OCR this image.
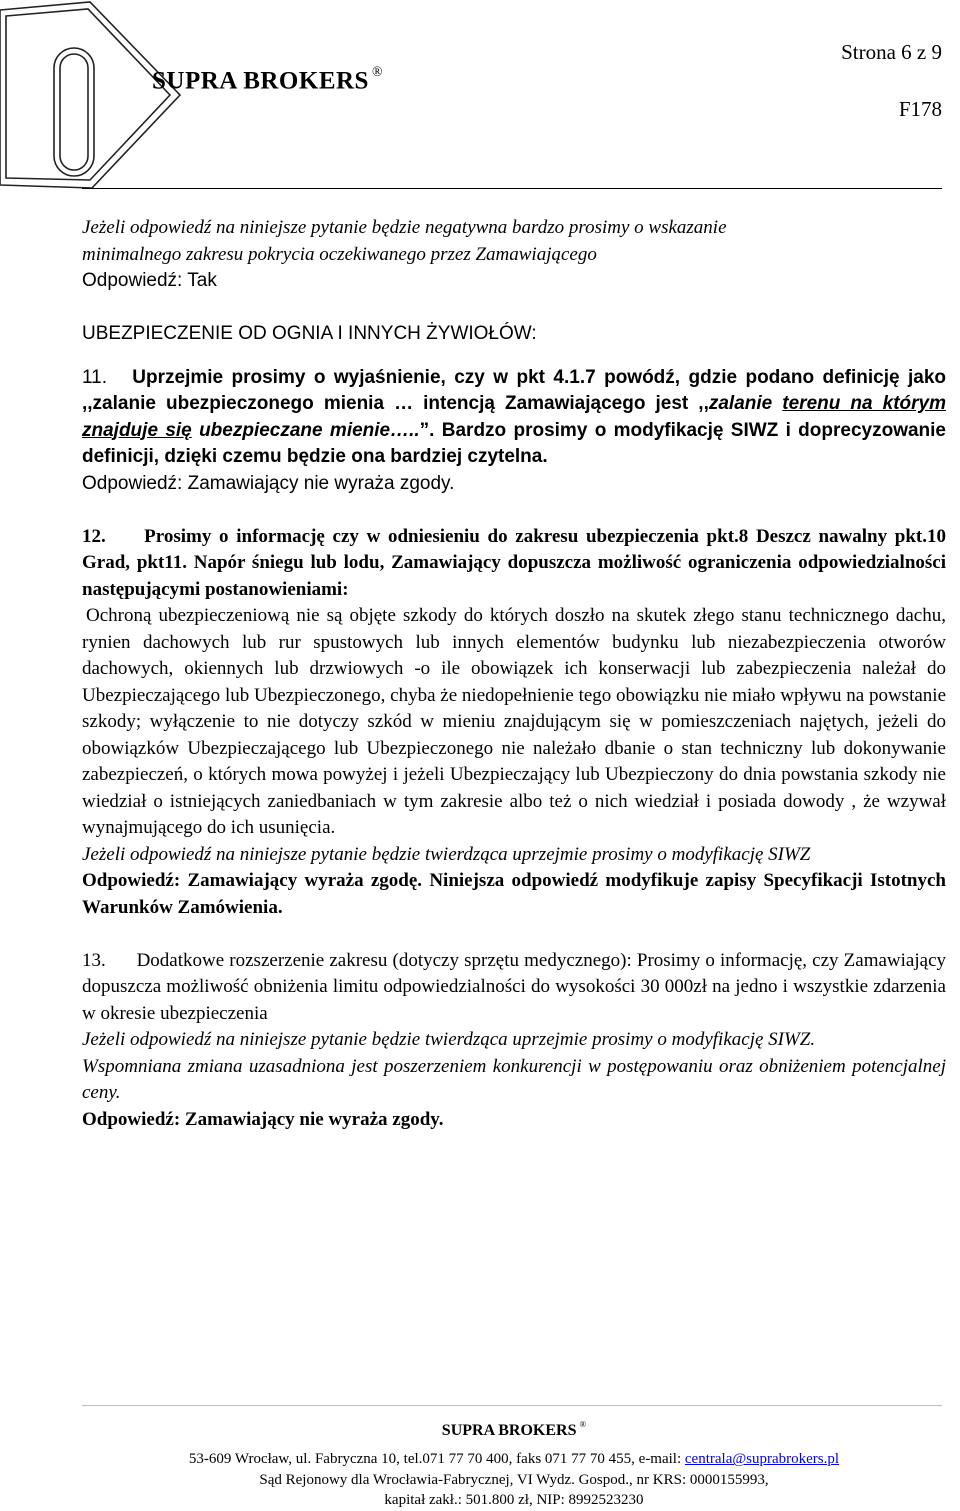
SUPRA BROKERS ®
Strona 6 z 9
F178

Jeżeli odpowiedź na niniejsze pytanie będzie negatywna bardzo prosimy o wskazanie

minimalnego zakresu pokrycia oczekiwanego przez Zamawiającego

Odpowiedź: Tak

UBEZPIECZENIE OD OGNIA I INNYCH ŻYWIOŁÓW:

11. Uprzejmie prosimy o wyjaśnienie, czy w pkt 4.1.7 powódź, gdzie podano definicję jako ,,zalanie ubezpieczonego mienia … intencją Zamawiającego jest ,,zalanie terenu na którym znajduje się ubezpieczane mienie…..”. Bardzo prosimy o modyfikację SIWZ i doprecyzowanie definicji, dzięki czemu będzie ona bardziej czytelna.

Odpowiedź: Zamawiający nie wyraża zgody.

12. Prosimy o informację czy w odniesieniu do zakresu ubezpieczenia pkt.8 Deszcz nawalny pkt.10 Grad, pkt11. Napór śniegu lub lodu, Zamawiający dopuszcza możliwość ograniczenia odpowiedzialności następującymi postanowieniami:

Ochroną ubezpieczeniową nie są objęte szkody do których doszło na skutek złego stanu technicznego dachu, rynien dachowych lub rur spustowych lub innych elementów budynku lub niezabezpieczenia otworów dachowych, okiennych lub drzwiowych -o ile obowiązek ich konserwacji lub zabezpieczenia należał do Ubezpieczającego lub Ubezpieczonego, chyba że niedopełnienie tego obowiązku nie miało wpływu na powstanie szkody; wyłączenie to nie dotyczy szkód w mieniu znajdującym się w pomieszczeniach najętych, jeżeli do obowiązków Ubezpieczającego lub Ubezpieczonego nie należało dbanie o stan techniczny lub dokonywanie zabezpieczeń, o których mowa powyżej i jeżeli Ubezpieczający lub Ubezpieczony do dnia powstania szkody nie wiedział o istniejących zaniedbaniach w tym zakresie albo też o nich wiedział i posiada dowody , że wzywał wynajmującego do ich usunięcia.

Jeżeli odpowiedź na niniejsze pytanie będzie twierdząca uprzejmie prosimy o modyfikację SIWZ

Odpowiedź: Zamawiający wyraża zgodę. Niniejsza odpowiedź modyfikuje zapisy Specyfikacji Istotnych Warunków Zamówienia.

13. Dodatkowe rozszerzenie zakresu (dotyczy sprzętu medycznego): Prosimy o informację, czy Zamawiający dopuszcza możliwość obniżenia limitu odpowiedzialności do wysokości 30 000zł na jedno i wszystkie zdarzenia w okresie ubezpieczenia

Jeżeli odpowiedź na niniejsze pytanie będzie twierdząca uprzejmie prosimy o modyfikację SIWZ.

Wspomniana zmiana uzasadniona jest poszerzeniem konkurencji w postępowaniu oraz obniżeniem potencjalnej ceny.

Odpowiedź: Zamawiający nie wyraża zgody.

SUPRA BROKERS ®
53-609 Wrocław, ul. Fabryczna 10, tel.071 77 70 400, faks 071 77 70 455, e-mail: centrala@suprabrokers.pl
Sąd Rejonowy dla Wrocławia-Fabrycznej, VI Wydz. Gospod., nr KRS: 0000155993,
kapitał zakł.: 501.800 zł, NIP: 8992523230
